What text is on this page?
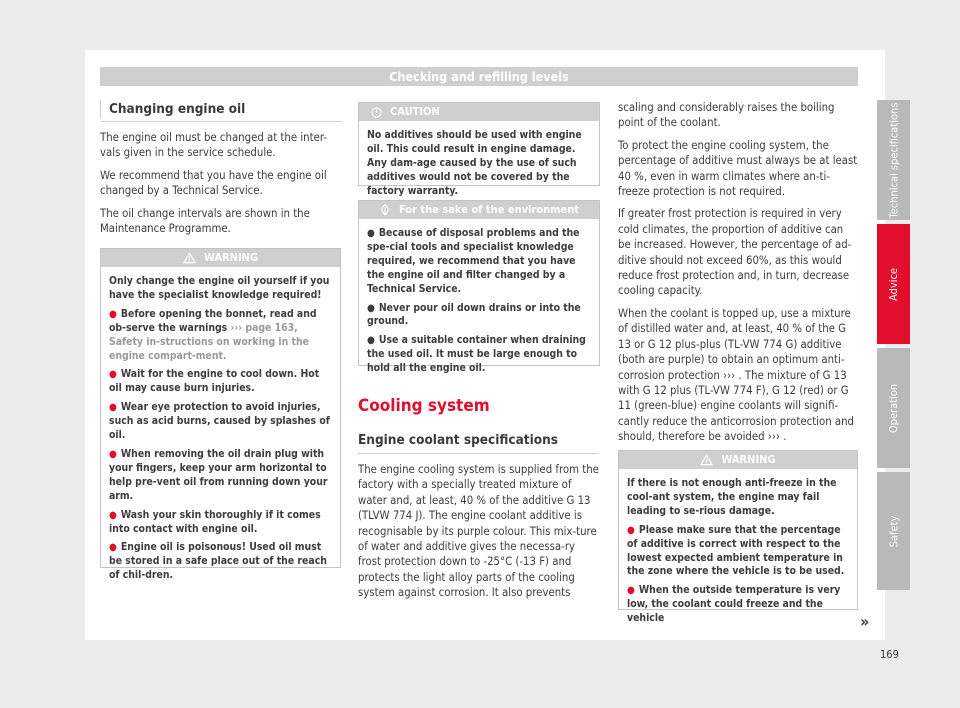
Checking and refilling levels
Changing engine oil

The engine oil must be changed at the inter-vals given in the service schedule.

We recommend that you have the engine oil changed by a Technical Service.

The oil change intervals are shown in the Maintenance Programme.

WARNING

Only change the engine oil yourself if you have the specialist knowledge required!

● Before opening the bonnet, read and ob-serve the warnings ››› page 163, Safety in-structions on working in the engine compart-ment.

● Wait for the engine to cool down. Hot oil may cause burn injuries.

● Wear eye protection to avoid injuries, such as acid burns, caused by splashes of oil.

● When removing the oil drain plug with your fingers, keep your arm horizontal to help pre-vent oil from running down your arm.

● Wash your skin thoroughly if it comes into contact with engine oil.

● Engine oil is poisonous! Used oil must be stored in a safe place out of the reach of chil-dren.

CAUTION
No additives should be used with engine oil. This could result in engine damage. Any dam-age caused by the use of such additives would not be covered by the factory warranty.
For the sake of the environment

● Because of disposal problems and the spe-cial tools and specialist knowledge required, we recommend that you have the engine oil and filter changed by a Technical Service.

● Never pour oil down drains or into the ground.

● Use a suitable container when draining the used oil. It must be large enough to hold all the engine oil.

Cooling system
Engine coolant specifications
The engine cooling system is supplied from the factory with a specially treated mixture of water and, at least, 40 % of the additive G 13 (TLVW 774 J). The engine coolant additive is recognisable by its purple colour. This mix-ture of water and additive gives the necessa-ry frost protection down to -25°C (-13 F) and protects the light alloy parts of the cooling system against corrosion. It also prevents

scaling and considerably raises the boiling point of the coolant.

To protect the engine cooling system, the percentage of additive must always be at least 40 %, even in warm climates where an-ti-freeze protection is not required.

If greater frost protection is required in very cold climates, the proportion of additive can be increased. However, the percentage of ad-ditive should not exceed 60%, as this would reduce frost protection and, in turn, decrease cooling capacity.

When the coolant is topped up, use a mixture of distilled water and, at least, 40 % of the G 13 or G 12 plus-plus (TL-VW 774 G) additive (both are purple) to obtain an optimum anti-corrosion protection ››› . The mixture of G 13 with G 12 plus (TL-VW 774 F), G 12 (red) or G 11 (green-blue) engine coolants will signifi-cantly reduce the anticorrosion protection and should, therefore be avoided ››› .

WARNING

If there is not enough anti-freeze in the cool-ant system, the engine may fail leading to se-rious damage.

● Please make sure that the percentage of additive is correct with respect to the lowest expected ambient temperature in the zone where the vehicle is to be used.

● When the outside temperature is very low, the coolant could freeze and the vehicle	»
Technical specifications
Advice
Operation
Safety
169
